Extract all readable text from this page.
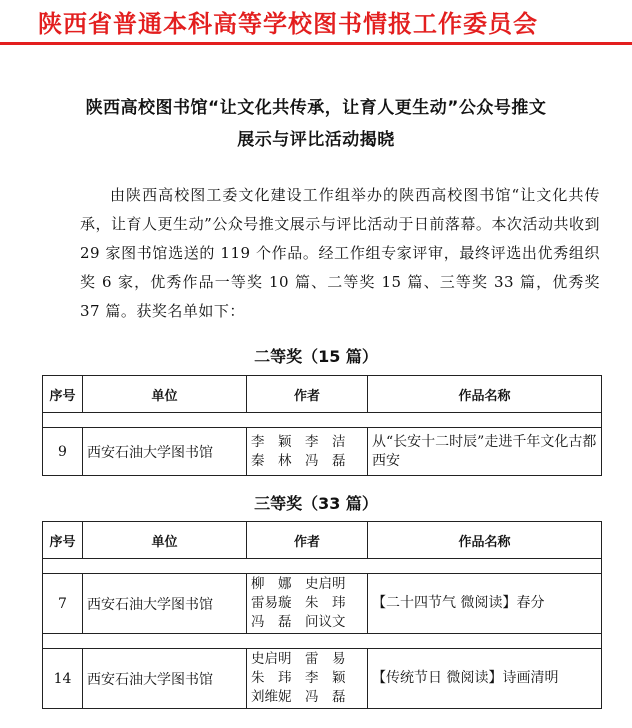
陕西省普通本科高等学校图书情报工作委员会
陕西高校图书馆“让文化共传承，让育人更生动”公众号推文
展示与评比活动揭晓

由陕西高校图工委文化建设工作组举办的陕西高校图书馆“让文化共传承，让育人更生动”公众号推文展示与评比活动于日前落幕。本次活动共收到 29 家图书馆选送的 119 个作品。经工作组专家评审，最终评选出优秀组织奖 6 家，优秀作品一等奖 10 篇、二等奖 15 篇、三等奖 33 篇，优秀奖 37 篇。获奖名单如下：

二等奖（15 篇）
序号	单位	作者	作品名称

9	西安石油大学图书馆	李　颖　李　洁
秦　林　冯　磊	从“长安十二时辰”走进千年文化古都西安
三等奖（33 篇）
序号	单位	作者	作品名称

7	西安石油大学图书馆	柳　娜　史启明
雷易璇　朱　玮
冯　磊　问议文	【二十四节气 微阅读】春分

14	西安石油大学图书馆	史启明　雷　易
朱　玮　李　颖
刘维妮　冯　磊	【传统节日 微阅读】诗画清明
